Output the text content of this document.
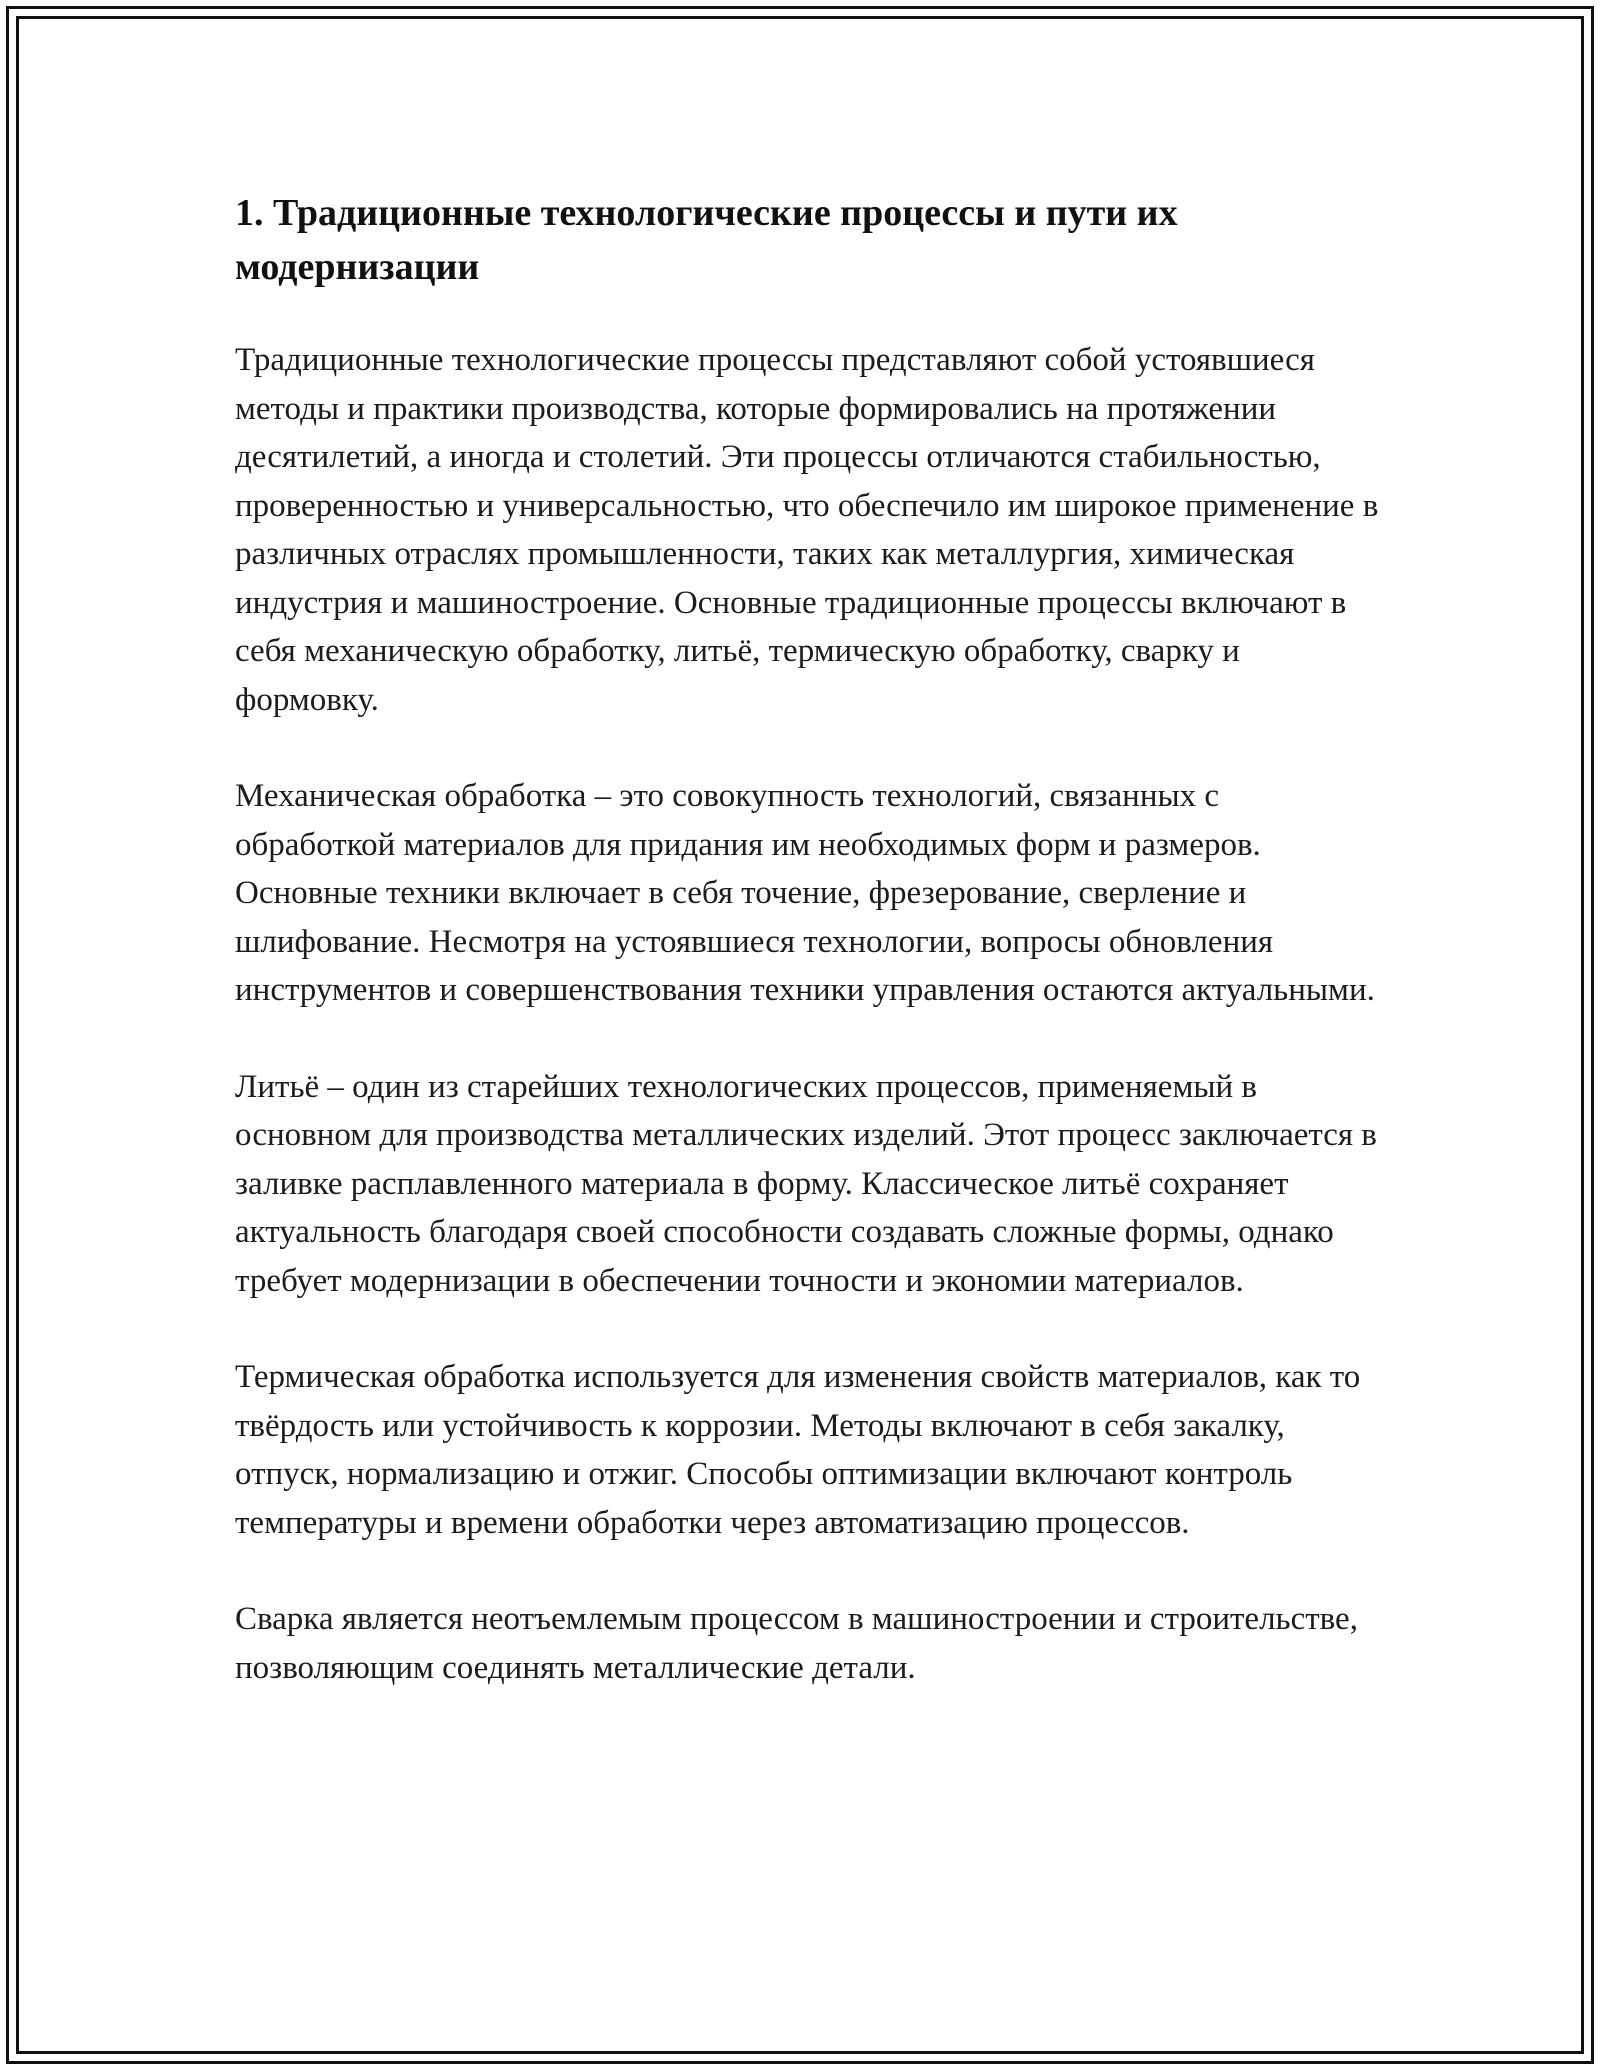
1. Традиционные технологические процессы и пути их модернизации

Традиционные технологические процессы представляют собой устоявшиеся методы и практики производства, которые формировались на протяжении десятилетий, а иногда и столетий. Эти процессы отличаются стабильностью, проверенностью и универсальностью, что обеспечило им широкое применение в различных отраслях промышленности, таких как металлургия, химическая индустрия и машиностроение. Основные традиционные процессы включают в себя механическую обработку, литьё, термическую обработку, сварку и формовку.

Механическая обработка – это совокупность технологий, связанных с обработкой материалов для придания им необходимых форм и размеров. Основные техники включает в себя точение, фрезерование, сверление и шлифование. Несмотря на устоявшиеся технологии, вопросы обновления инструментов и совершенствования техники управления остаются актуальными.

Литьё – один из старейших технологических процессов, применяемый в основном для производства металлических изделий. Этот процесс заключается в заливке расплавленного материала в форму. Классическое литьё сохраняет актуальность благодаря своей способности создавать сложные формы, однако требует модернизации в обеспечении точности и экономии материалов.

Термическая обработка используется для изменения свойств материалов, как то твёрдость или устойчивость к коррозии. Методы включают в себя закалку, отпуск, нормализацию и отжиг. Способы оптимизации включают контроль температуры и времени обработки через автоматизацию процессов.

Сварка является неотъемлемым процессом в машиностроении и строительстве, позволяющим соединять металлические детали.
